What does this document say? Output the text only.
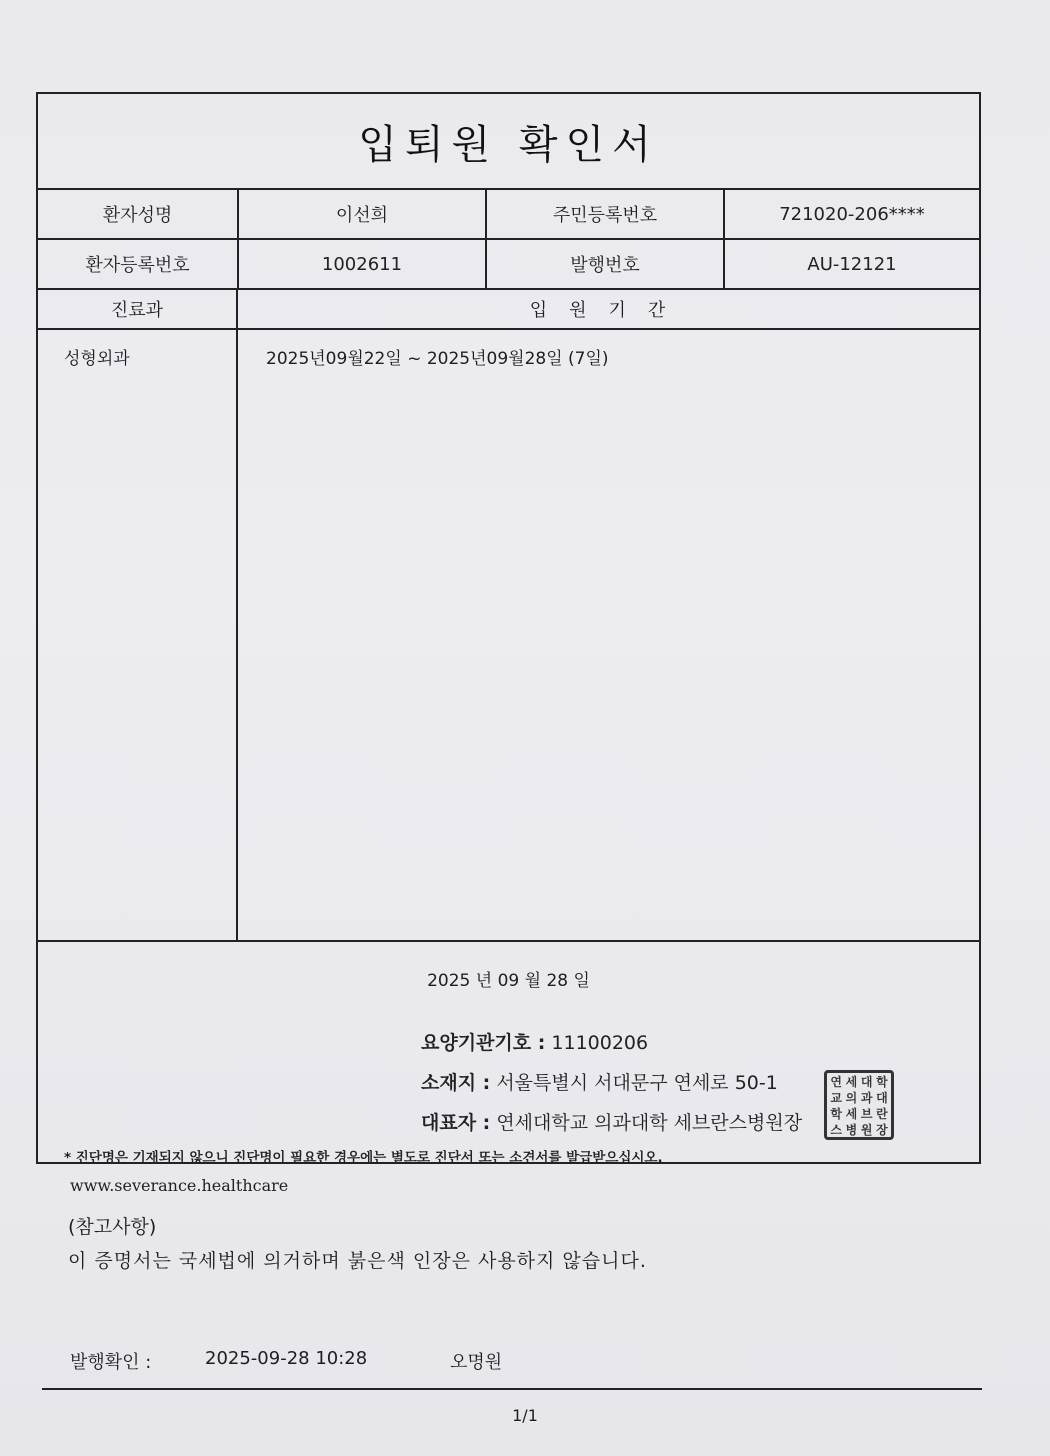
입퇴원 확인서
환자성명	이선희	주민등록번호	721020-206****
환자등록번호	1002611	발행번호	AU-12121
진료과	입원기간
성형외과	2025년09월22일 ~ 2025년09월28일 (7일)
2025 년 09 월 28 일
요양기관기호 : 11100206
소재지 : 서울특별시 서대문구 연세로 50-1
대표자 : 연세대학교 의과대학 세브란스병원장
연 세 대 학
교 의 과 대
학 세 브 란
스 병 원 장
* 진단명은 기재되지 않으니 진단명이 필요한 경우에는 별도로 진단서 또는 소견서를 발급받으십시오.
www.severance.healthcare
(참고사항)
이 증명서는 국세법에 의거하며 붉은색 인장은 사용하지 않습니다.
발행확인 :	2025-09-28 10:28	오명원
1/1
